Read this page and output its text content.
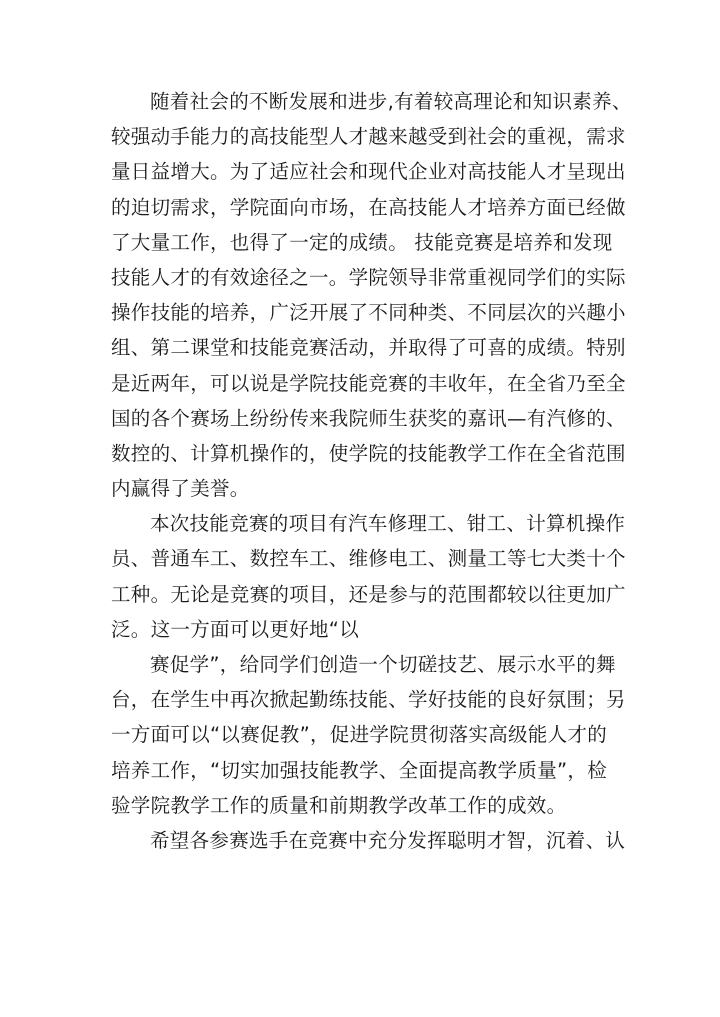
随着社会的不断发展和进步,有着较高理论和知识素养、
较强动手能力的高技能型人才越来越受到社会的重视，需求
量日益增大。为了适应社会和现代企业对高技能人才呈现出
的迫切需求，学院面向市场，在高技能人才培养方面已经做
了大量工作，也得了一定的成绩。 技能竞赛是培养和发现
技能人才的有效途径之一。学院领导非常重视同学们的实际
操作技能的培养，广泛开展了不同种类、不同层次的兴趣小
组、第二课堂和技能竞赛活动，并取得了可喜的成绩。特别
是近两年，可以说是学院技能竞赛的丰收年，在全省乃至全
国的各个赛场上纷纷传来我院师生获奖的嘉讯—有汽修的、
数控的、计算机操作的，使学院的技能教学工作在全省范围
内赢得了美誉。
本次技能竞赛的项目有汽车修理工、钳工、计算机操作
员、普通车工、数控车工、维修电工、测量工等七大类十个
工种。无论是竞赛的项目，还是参与的范围都较以往更加广
泛。这一方面可以更好地“以
赛促学”，给同学们创造一个切磋技艺、展示水平的舞
台，在学生中再次掀起勤练技能、学好技能的良好氛围；另
一方面可以“以赛促教”，促进学院贯彻落实高级能人才的
培养工作，“切实加强技能教学、全面提高教学质量”，检
验学院教学工作的质量和前期教学改革工作的成效。
希望各参赛选手在竞赛中充分发挥聪明才智，沉着、认
